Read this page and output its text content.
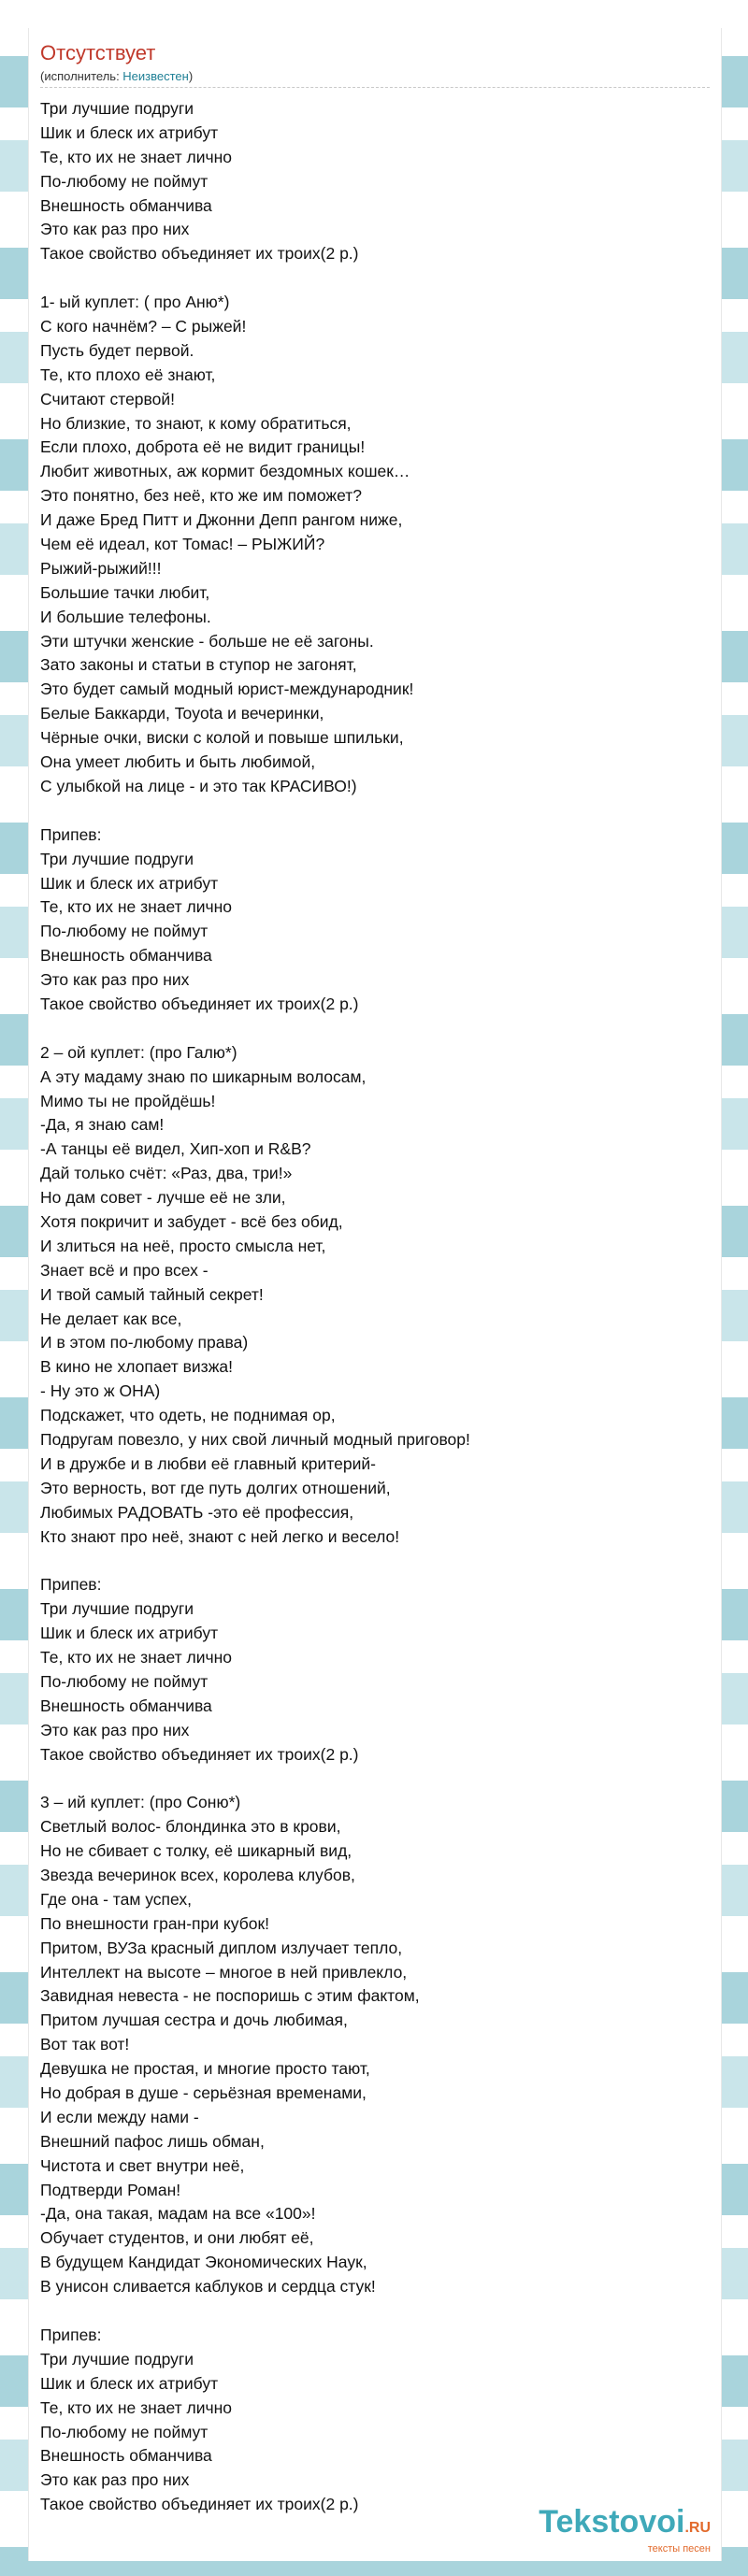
Отсутствует
(исполнитель: Неизвестен)
Три лучшие подруги
Шик и блеск их атрибут
Те, кто их не знает лично
По-любому не поймут
Внешность обманчива
Это как раз про них
Такое свойство объединяет их троих(2 р.)
1- ый куплет: ( про Аню*)
С кого начнём? – С рыжей!
Пусть будет первой.
Те, кто плохо её знают,
Считают стервой!
Но близкие, то знают, к кому обратиться,
Если плохо, доброта её не видит границы!
Любит животных, аж кормит бездомных кошек…
Это понятно, без неё, кто же им поможет?
И даже Бред Питт и Джонни Депп рангом ниже,
Чем её идеал, кот Томас! – РЫЖИЙ?
Рыжий-рыжий!!!
Большие тачки любит,
И большие телефоны.
Эти штучки женские - больше не её загоны.
Зато законы и статьи в ступор не загонят,
Это будет самый модный юрист-международник!
Белые Баккарди, Toyota и вечеринки,
Чёрные очки, виски с колой и повыше шпильки,
Она умеет любить и быть любимой,
С улыбкой на лице - и это так КРАСИВО!)
Припев:
Три лучшие подруги
Шик и блеск их атрибут
Те, кто их не знает лично
По-любому не поймут
Внешность обманчива
Это как раз про них
Такое свойство объединяет их троих(2 р.)
2 – ой куплет: (про Галю*)
А эту мадаму знаю по шикарным волосам,
Мимо ты не пройдёшь!
-Да, я знаю сам!
-А танцы её видел, Хип-хоп и R&B?
Дай только счёт: «Раз, два, три!»
Но дам совет - лучше её не зли,
Хотя покричит и забудет - всё без обид,
И злиться на неё, просто смысла нет,
Знает всё и про всех -
И твой самый тайный секрет!
Не делает как все,
И в этом по-любому права)
В кино не хлопает визжа!
- Ну это ж ОНА)
Подскажет, что одеть, не поднимая ор,
Подругам повезло, у них свой личный модный приговор!
И в дружбе и в любви её главный критерий-
Это верность, вот где путь долгих отношений,
Любимых РАДОВАТЬ -это её профессия,
Кто знают про неё, знают с ней легко и весело!
Припев:
Три лучшие подруги
Шик и блеск их атрибут
Те, кто их не знает лично
По-любому не поймут
Внешность обманчива
Это как раз про них
Такое свойство объединяет их троих(2 р.)
3 – ий куплет: (про Соню*)
Светлый волос- блондинка это в крови,
Но не сбивает с толку, её шикарный вид,
Звезда вечеринок всех, королева клубов,
Где она - там успех,
По внешности гран-при кубок!
Притом, ВУЗа красный диплом излучает тепло,
Интеллект на высоте – многое в ней привлекло,
Завидная невеста - не поспоришь с этим фактом,
Притом лучшая сестра и дочь любимая,
Вот так вот!
Девушка не простая, и многие просто тают,
Но добрая в душе - серьёзная временами,
И если между нами -
Внешний пафос лишь обман,
Чистота и свет внутри неё,
Подтверди Роман!
-Да, она такая, мадам на все «100»!
Обучает студентов, и они любят её,
В будущем Кандидат Экономических Наук,
В унисон сливается каблуков и сердца стук!
Припев:
Три лучшие подруги
Шик и блеск их атрибут
Те, кто их не знает лично
По-любому не поймут
Внешность обманчива
Это как раз про них
Такое свойство объединяет их троих(2 р.)	Tekstovoi.RU
тексты песен
